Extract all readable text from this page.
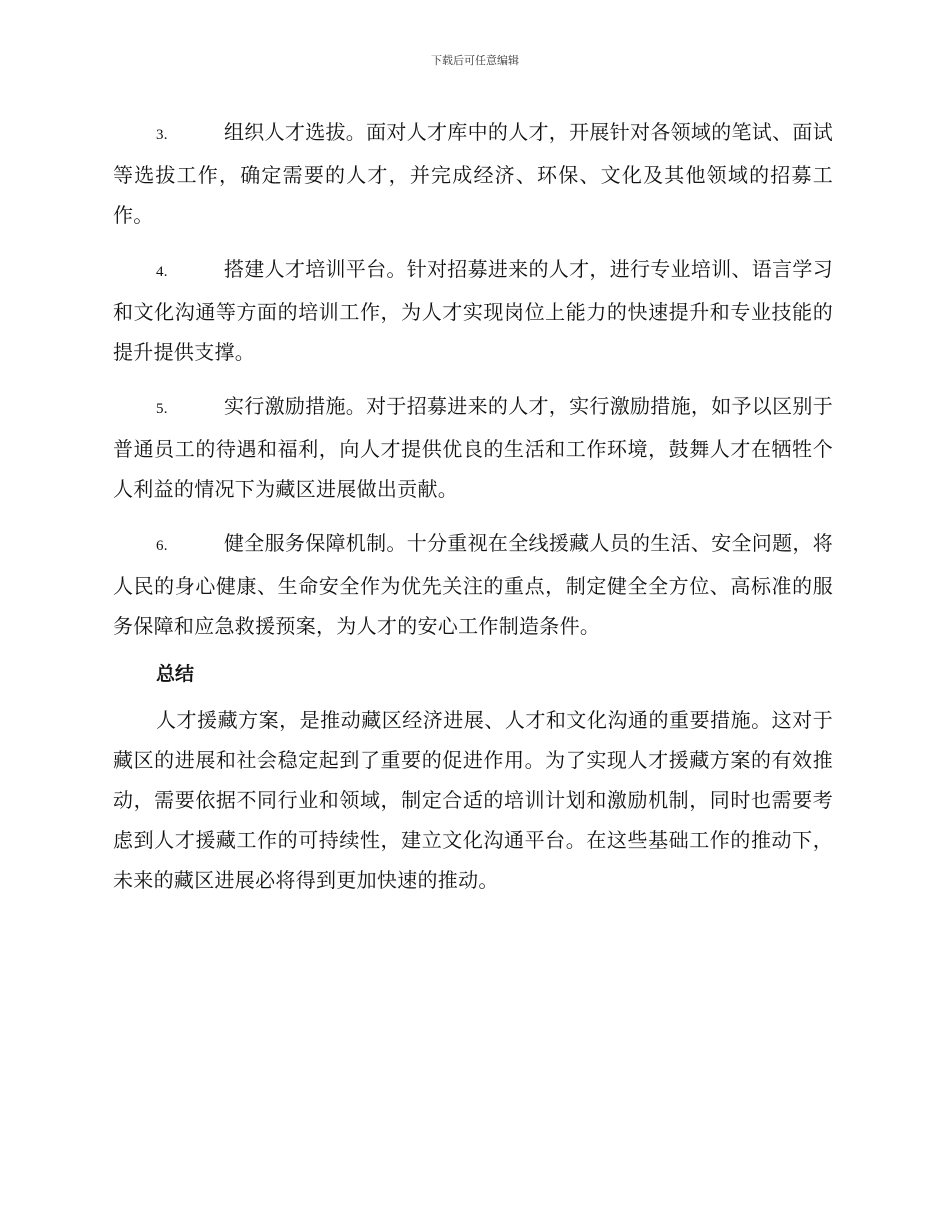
下载后可任意编辑

3.	组织人才选拔。面对人才库中的人才，开展针对各领域的笔试、面试等选拔工作，确定需要的人才，并完成经济、环保、文化及其他领域的招募工作。

4.	搭建人才培训平台。针对招募进来的人才，进行专业培训、语言学习和文化沟通等方面的培训工作，为人才实现岗位上能力的快速提升和专业技能的提升提供支撑。

5.	实行激励措施。对于招募进来的人才，实行激励措施，如予以区别于普通员工的待遇和福利，向人才提供优良的生活和工作环境，鼓舞人才在牺牲个人利益的情况下为藏区进展做出贡献。

6.	健全服务保障机制。十分重视在全线援藏人员的生活、安全问题，将人民的身心健康、生命安全作为优先关注的重点，制定健全全方位、高标准的服务保障和应急救援预案，为人才的安心工作制造条件。

总结

人才援藏方案，是推动藏区经济进展、人才和文化沟通的重要措施。这对于藏区的进展和社会稳定起到了重要的促进作用。为了实现人才援藏方案的有效推动，需要依据不同行业和领域，制定合适的培训计划和激励机制，同时也需要考虑到人才援藏工作的可持续性，建立文化沟通平台。在这些基础工作的推动下，未来的藏区进展必将得到更加快速的推动。
